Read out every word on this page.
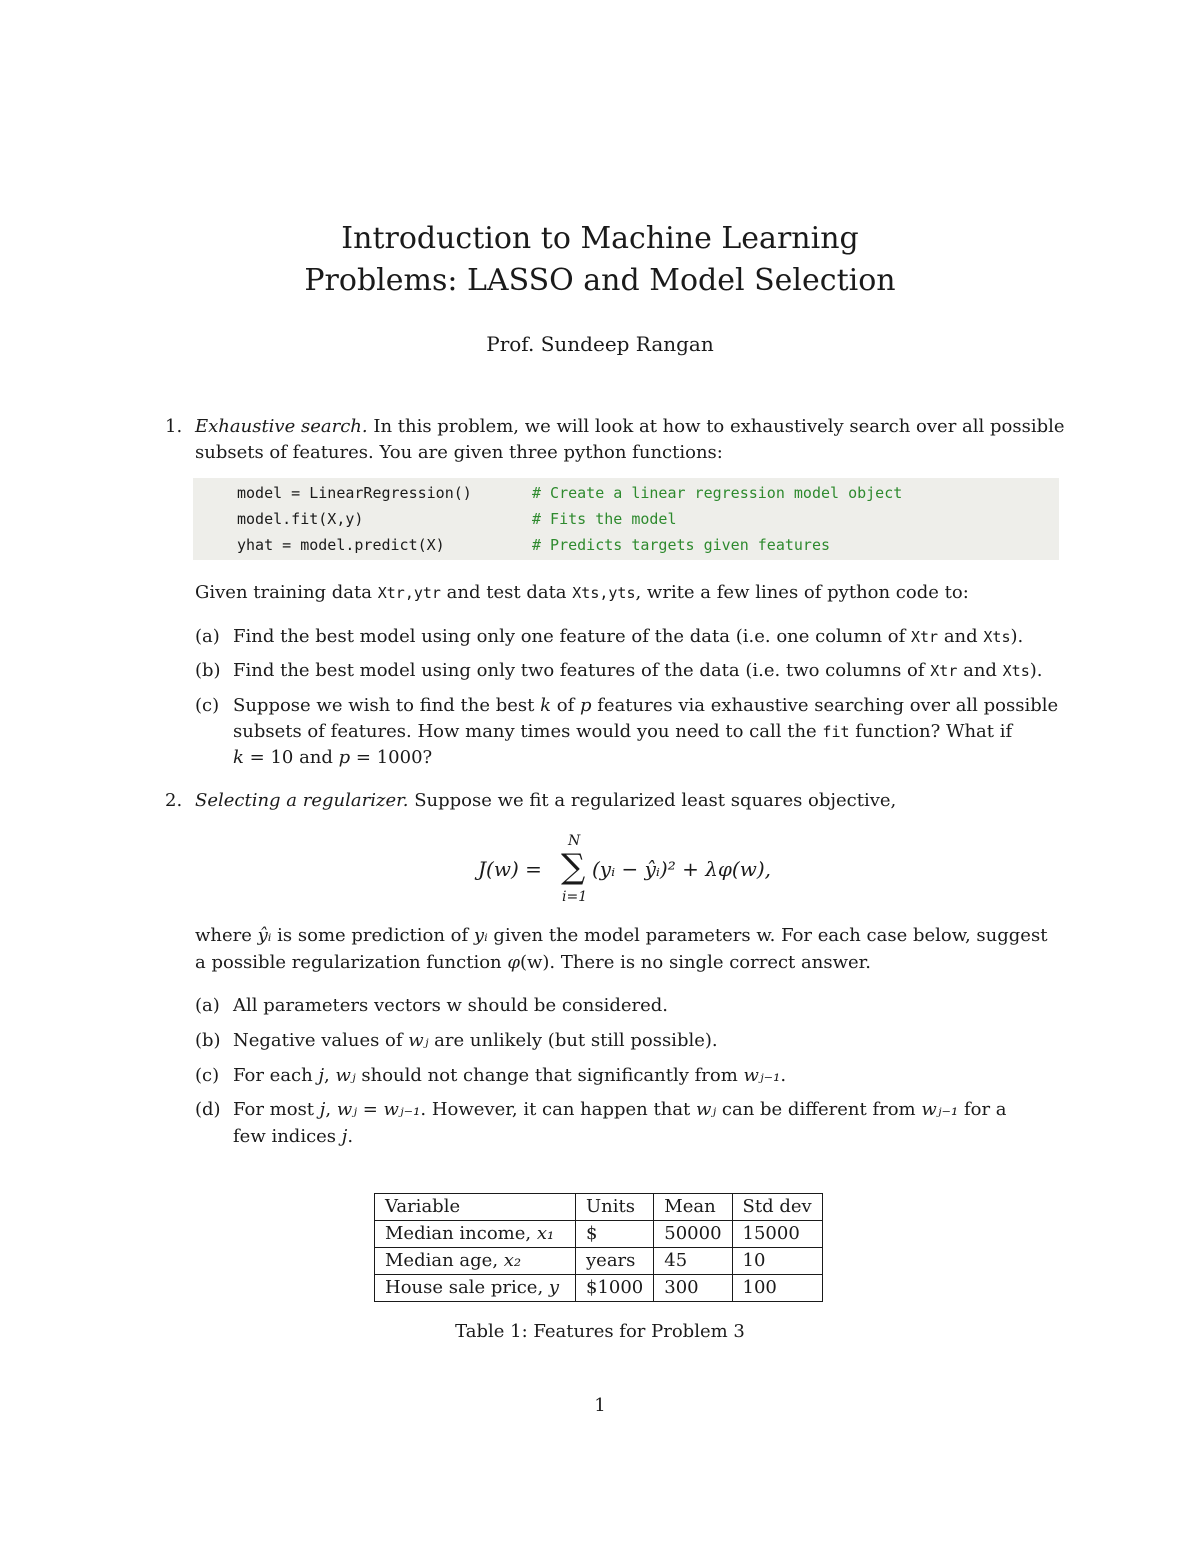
Introduction to Machine Learning
Problems: LASSO and Model Selection
Prof. Sundeep Rangan
1. Exhaustive search. In this problem, we will look at how to exhaustively search over all possible
subsets of features. You are given three python functions:
model = LinearRegression()	# Create a linear regression model object
model.fit(X,y)	# Fits the model
yhat = model.predict(X)	# Predicts targets given features
Given training data Xtr,ytr and test data Xts,yts, write a few lines of python code to:
(a) Find the best model using only one feature of the data (i.e. one column of Xtr and Xts).
(b) Find the best model using only two features of the data (i.e. two columns of Xtr and Xts).
(c) Suppose we wish to find the best k of p features via exhaustive searching over all possible
subsets of features. How many times would you need to call the fit function? What if
k = 10 and p = 1000?
2. Selecting a regularizer. Suppose we fit a regularized least squares objective,
J(w) =
N
∑
i=1
(yᵢ − ŷᵢ)² + λφ(w),
where ŷᵢ is some prediction of yᵢ given the model parameters w. For each case below, suggest
a possible regularization function φ(w). There is no single correct answer.
(a) All parameters vectors w should be considered.
(b) Negative values of wⱼ are unlikely (but still possible).
(c) For each j, wⱼ should not change that significantly from wⱼ₋₁.
(d) For most j, wⱼ = wⱼ₋₁. However, it can happen that wⱼ can be different from wⱼ₋₁ for a
few indices j.
Variable	Units	Mean	Std dev
Median income, x₁	$	50000	15000
Median age, x₂	years	45	10
House sale price, y	$1000	300	100
Table 1: Features for Problem 3
1
